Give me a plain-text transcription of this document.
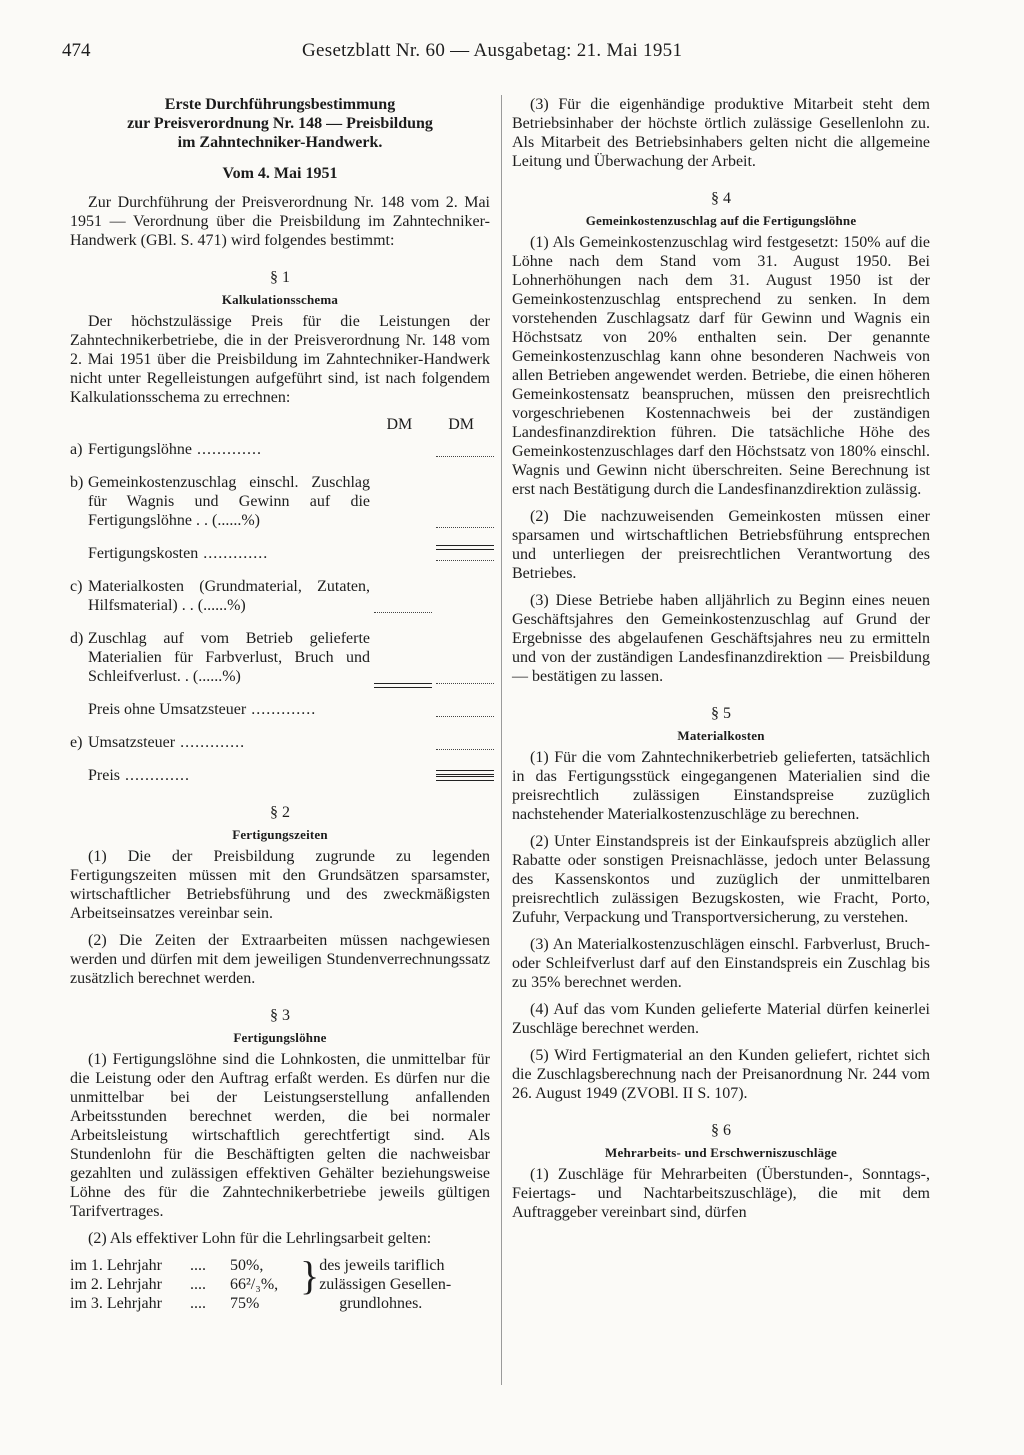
474	Gesetzblatt Nr. 60 — Ausgabetag: 21. Mai 1951
Erste Durchführungsbestimmung
zur Preisverordnung Nr. 148 — Preisbildung
im Zahntechniker-Handwerk.
Vom 4. Mai 1951

Zur Durchführung der Preisverordnung Nr. 148 vom 2. Mai 1951 — Verordnung über die Preisbildung im Zahntechniker-Handwerk (GBl. S. 471) wird folgendes bestimmt:

§ 1
Kalkulationsschema

Der höchstzulässige Preis für die Leistungen der Zahntechnikerbetriebe, die in der Preisverordnung Nr. 148 vom 2. Mai 1951 über die Preisbildung im Zahntechniker-Handwerk nicht unter Regelleistungen aufgeführt sind, ist nach folgendem Kalkulationsschema zu errechnen:

DM DM
a) Fertigungslöhne .....
b) Gemeinkostenzuschlag einschl. Zuschlag für Wagnis und Gewinn auf die Fertigungslöhne . . (......%)
Fertigungskosten .....
c) Materialkosten (Grundmaterial, Zutaten, Hilfsmaterial) . . (......%)
d) Zuschlag auf vom Betrieb gelieferte Materialien für Farbverlust, Bruch und Schleifverlust. . (......%)
Preis ohne Umsatzsteuer .....
e) Umsatzsteuer .....
Preis .....
§ 2
Fertigungszeiten

(1) Die der Preisbildung zugrunde zu legenden Fertigungszeiten müssen mit den Grundsätzen sparsamster, wirtschaftlicher Betriebsführung und des zweckmäßigsten Arbeitseinsatzes vereinbar sein.

(2) Die Zeiten der Extraarbeiten müssen nachgewiesen werden und dürfen mit dem jeweiligen Stundenverrechnungssatz zusätzlich berechnet werden.

§ 3
Fertigungslöhne

(1) Fertigungslöhne sind die Lohnkosten, die unmittelbar für die Leistung oder den Auftrag erfaßt werden. Es dürfen nur die unmittelbar bei der Leistungserstellung anfallenden Arbeitsstunden berechnet werden, die bei normaler Arbeitsleistung wirtschaftlich gerechtfertigt sind. Als Stundenlohn für die Beschäftigten gelten die nachweisbar gezahlten und zulässigen effektiven Gehälter beziehungsweise Löhne des für die Zahntechnikerbetriebe jeweils gültigen Tarifvertrages.

(2) Als effektiver Lohn für die Lehrlingsarbeit gelten:

im 1. Lehrjahr	....	50%,	}	des jeweils tariflich
im 2. Lehrjahr	....	66²/₃%,		zulässigen Gesellen-
im 3. Lehrjahr	....	75%		grundlohnes.

(3) Für die eigenhändige produktive Mitarbeit steht dem Betriebsinhaber der höchste örtlich zulässige Gesellenlohn zu. Als Mitarbeit des Betriebsinhabers gelten nicht die allgemeine Leitung und Überwachung der Arbeit.

§ 4
Gemeinkostenzuschlag auf die Fertigungslöhne

(1) Als Gemeinkostenzuschlag wird festgesetzt: 150% auf die Löhne nach dem Stand vom 31. August 1950. Bei Lohnerhöhungen nach dem 31. August 1950 ist der Gemeinkostenzuschlag entsprechend zu senken. In dem vorstehenden Zuschlagsatz darf für Gewinn und Wagnis ein Höchstsatz von 20% enthalten sein. Der genannte Gemeinkostenzuschlag kann ohne besonderen Nachweis von allen Betrieben angewendet werden. Betriebe, die einen höheren Gemeinkostensatz beanspruchen, müssen den preisrechtlich vorgeschriebenen Kostennachweis bei der zuständigen Landesfinanzdirektion führen. Die tatsächliche Höhe des Gemeinkostenzuschlages darf den Höchstsatz von 180% einschl. Wagnis und Gewinn nicht überschreiten. Seine Berechnung ist erst nach Bestätigung durch die Landesfinanzdirektion zulässig.

(2) Die nachzuweisenden Gemeinkosten müssen einer sparsamen und wirtschaftlichen Betriebsführung entsprechen und unterliegen der preisrechtlichen Verantwortung des Betriebes.

(3) Diese Betriebe haben alljährlich zu Beginn eines neuen Geschäftsjahres den Gemeinkostenzuschlag auf Grund der Ergebnisse des abgelaufenen Geschäftsjahres neu zu ermitteln und von der zuständigen Landesfinanzdirektion — Preisbildung — bestätigen zu lassen.

§ 5
Materialkosten

(1) Für die vom Zahntechnikerbetrieb gelieferten, tatsächlich in das Fertigungsstück eingegangenen Materialien sind die preisrechtlich zulässigen Einstandspreise zuzüglich nachstehender Materialkostenzuschläge zu berechnen.

(2) Unter Einstandspreis ist der Einkaufspreis abzüglich aller Rabatte oder sonstigen Preisnachlässe, jedoch unter Belassung des Kassenskontos und zuzüglich der unmittelbaren preisrechtlich zulässigen Bezugskosten, wie Fracht, Porto, Zufuhr, Verpackung und Transportversicherung, zu verstehen.

(3) An Materialkostenzuschlägen einschl. Farbverlust, Bruch- oder Schleifverlust darf auf den Einstandspreis ein Zuschlag bis zu 35% berechnet werden.

(4) Auf das vom Kunden gelieferte Material dürfen keinerlei Zuschläge berechnet werden.

(5) Wird Fertigmaterial an den Kunden geliefert, richtet sich die Zuschlagsberechnung nach der Preisanordnung Nr. 244 vom 26. August 1949 (ZVOBl. II S. 107).

§ 6
Mehrarbeits- und Erschwerniszuschläge

(1) Zuschläge für Mehrarbeiten (Überstunden-, Sonntags-, Feiertags- und Nachtarbeitszuschläge), die mit dem Auftraggeber vereinbart sind, dürfen
